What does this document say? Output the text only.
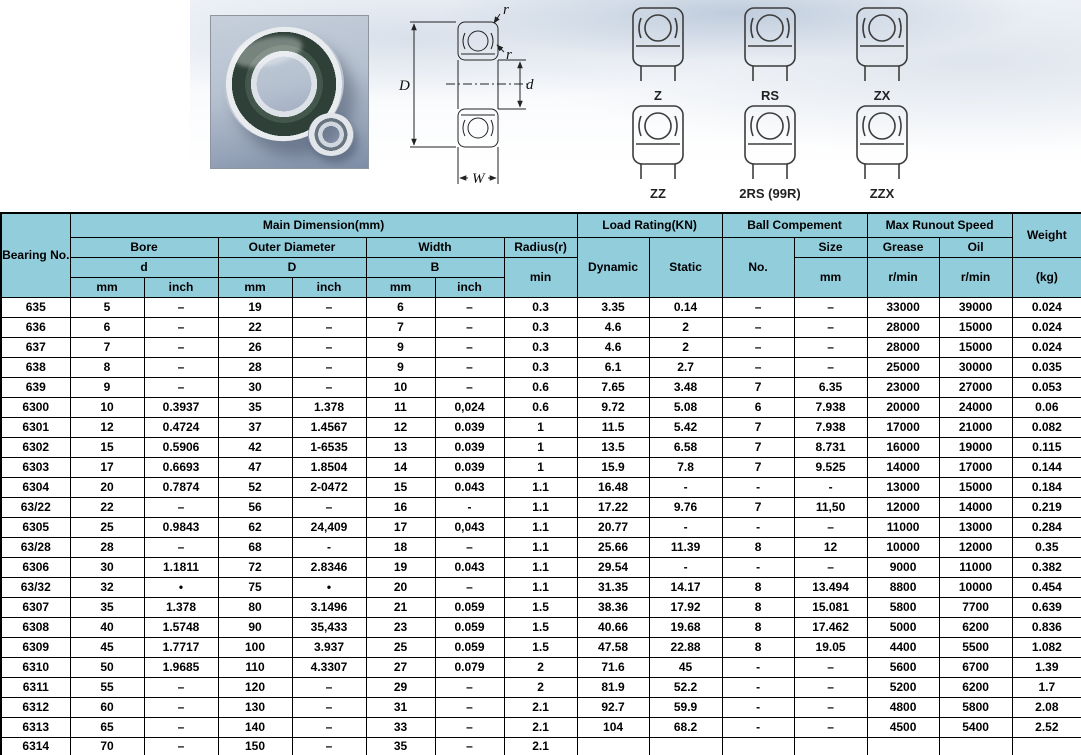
D	d
W
r
r
Z	RS	ZX
ZZ	2RS (99R)	ZZX
Bearing No.	Main Dimension(mm)							Load Rating(KN)		Ball Compement		Max Runout Speed		Weight
	Bore		Outer Diameter		Width		Radius(r)	Dynamic	Static	No.	Size	Grease	Oil	
	d		D		B		min				mm	r/min	r/min	(kg)
	mm	inch	mm	inch	mm	inch								
635	5	–	19	–	6	–	0.3	3.35	0.14	–	–	33000	39000	0.024
636	6	–	22	–	7	–	0.3	4.6	2	–	–	28000	15000	0.024
637	7	–	26	–	9	–	0.3	4.6	2	–	–	28000	15000	0.024
638	8	–	28	–	9	–	0.3	6.1	2.7	–	–	25000	30000	0.035
639	9	–	30	–	10	–	0.6	7.65	3.48	7	6.35	23000	27000	0.053
6300	10	0.3937	35	1.378	11	0,024	0.6	9.72	5.08	6	7.938	20000	24000	0.06
6301	12	0.4724	37	1.4567	12	0.039	1	11.5	5.42	7	7.938	17000	21000	0.082
6302	15	0.5906	42	1-6535	13	0.039	1	13.5	6.58	7	8.731	16000	19000	0.115
6303	17	0.6693	47	1.8504	14	0.039	1	15.9	7.8	7	9.525	14000	17000	0.144
6304	20	0.7874	52	2-0472	15	0.043	1.1	16.48	-	-	-	13000	15000	0.184
63/22	22	–	56	–	16	-	1.1	17.22	9.76	7	11,50	12000	14000	0.219
6305	25	0.9843	62	24,409	17	0,043	1.1	20.77	-	-	–	11000	13000	0.284
63/28	28	–	68	-	18	–	1.1	25.66	11.39	8	12	10000	12000	0.35
6306	30	1.1811	72	2.8346	19	0.043	1.1	29.54	-	-	–	9000	11000	0.382
63/32	32	•	75	•	20	–	1.1	31.35	14.17	8	13.494	8800	10000	0.454
6307	35	1.378	80	3.1496	21	0.059	1.5	38.36	17.92	8	15.081	5800	7700	0.639
6308	40	1.5748	90	35,433	23	0.059	1.5	40.66	19.68	8	17.462	5000	6200	0.836
6309	45	1.7717	100	3.937	25	0.059	1.5	47.58	22.88	8	19.05	4400	5500	1.082
6310	50	1.9685	110	4.3307	27	0.079	2	71.6	45	-	–	5600	6700	1.39
6311	55	–	120	–	29	–	2	81.9	52.2	-	–	5200	6200	1.7
6312	60	–	130	–	31	–	2.1	92.7	59.9	-	–	4800	5800	2.08
6313	65	–	140	–	33	–	2.1	104	68.2	-	–	4500	5400	2.52
6314	70	–	150	–	35	–	2.1							
